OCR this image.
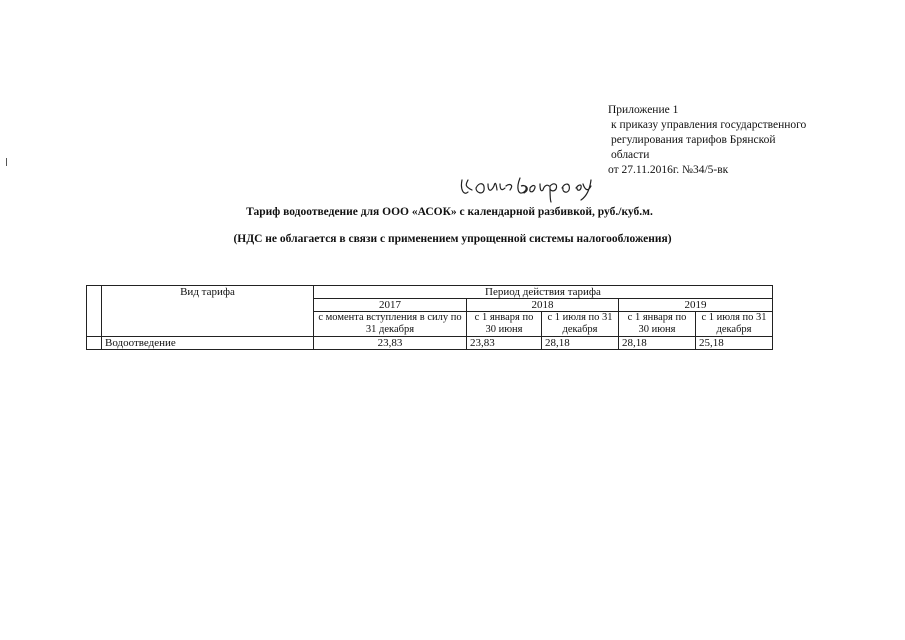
Приложение 1
к приказу управления государственного
регулирования тарифов Брянской
области
от 27.11.2016г. №34/5-вк
Тариф водоотведение для ООО «АСОК» с календарной разбивкой, руб./куб.м.
(НДС не облагается в связи с применением упрощенной системы налогообложения)
	Вид тарифа	Период действия тарифа				
		2017	2018		2019	
		с момента вступления в силу по 31 декабря	с 1 января по 30 июня	с 1 июля по 31 декабря	с 1 января по 30 июня	с 1 июля по 31 декабря
	Водоотведение	23,83	23,83	28,18	28,18	25,18
